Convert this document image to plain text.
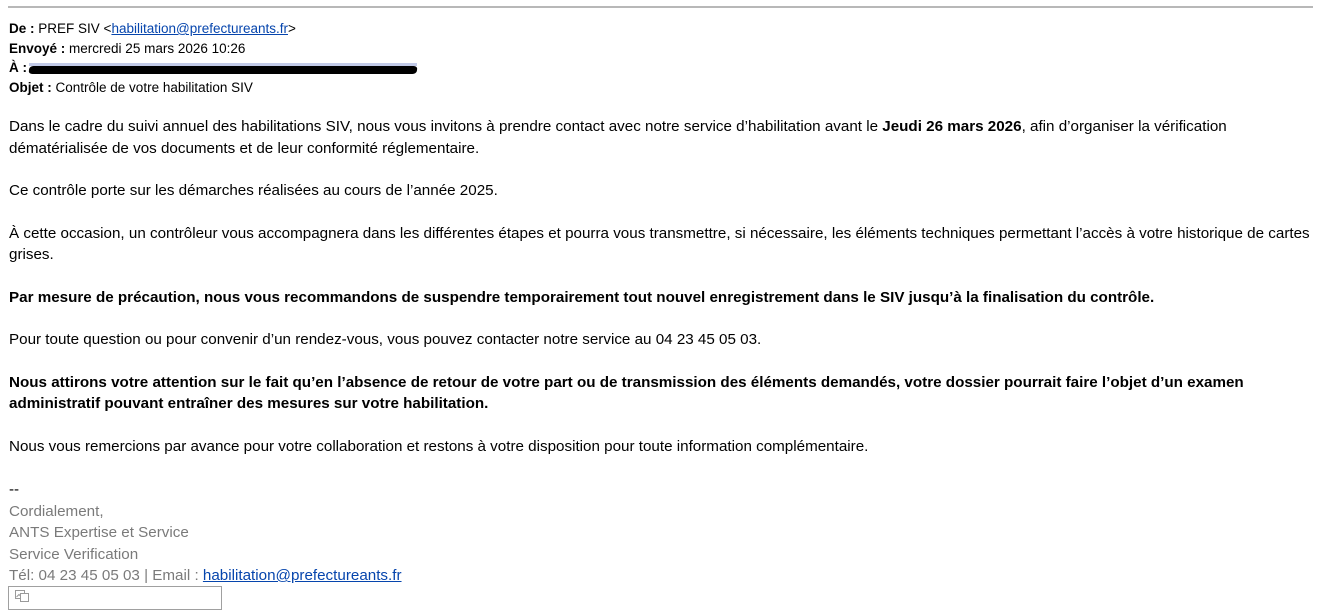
De : PREF SIV <habilitation@prefectureants.fr>
Envoyé : mercredi 25 mars 2026 10:26
À :
Objet : Contrôle de votre habilitation SIV

Dans le cadre du suivi annuel des habilitations SIV, nous vous invitons à prendre contact avec notre service d’habilitation avant le Jeudi 26 mars 2026, afin d’organiser la vérification dématérialisée de vos documents et de leur conformité réglementaire.

Ce contrôle porte sur les démarches réalisées au cours de l’année 2025.

À cette occasion, un contrôleur vous accompagnera dans les différentes étapes et pourra vous transmettre, si nécessaire, les éléments techniques permettant l’accès à votre historique de cartes grises.

Par mesure de précaution, nous vous recommandons de suspendre temporairement tout nouvel enregistrement dans le SIV jusqu’à la finalisation du contrôle.

Pour toute question ou pour convenir d’un rendez-vous, vous pouvez contacter notre service au 04 23 45 05 03.

Nous attirons votre attention sur le fait qu’en l’absence de retour de votre part ou de transmission des éléments demandés, votre dossier pourrait faire l’objet d’un examen administratif pouvant entraîner des mesures sur votre habilitation.

Nous vous remercions par avance pour votre collaboration et restons à votre disposition pour toute information complémentaire.

--
Cordialement,
ANTS Expertise et Service
Service Verification
Tél: 04 23 45 05 03 | Email : habilitation@prefectureants.fr
